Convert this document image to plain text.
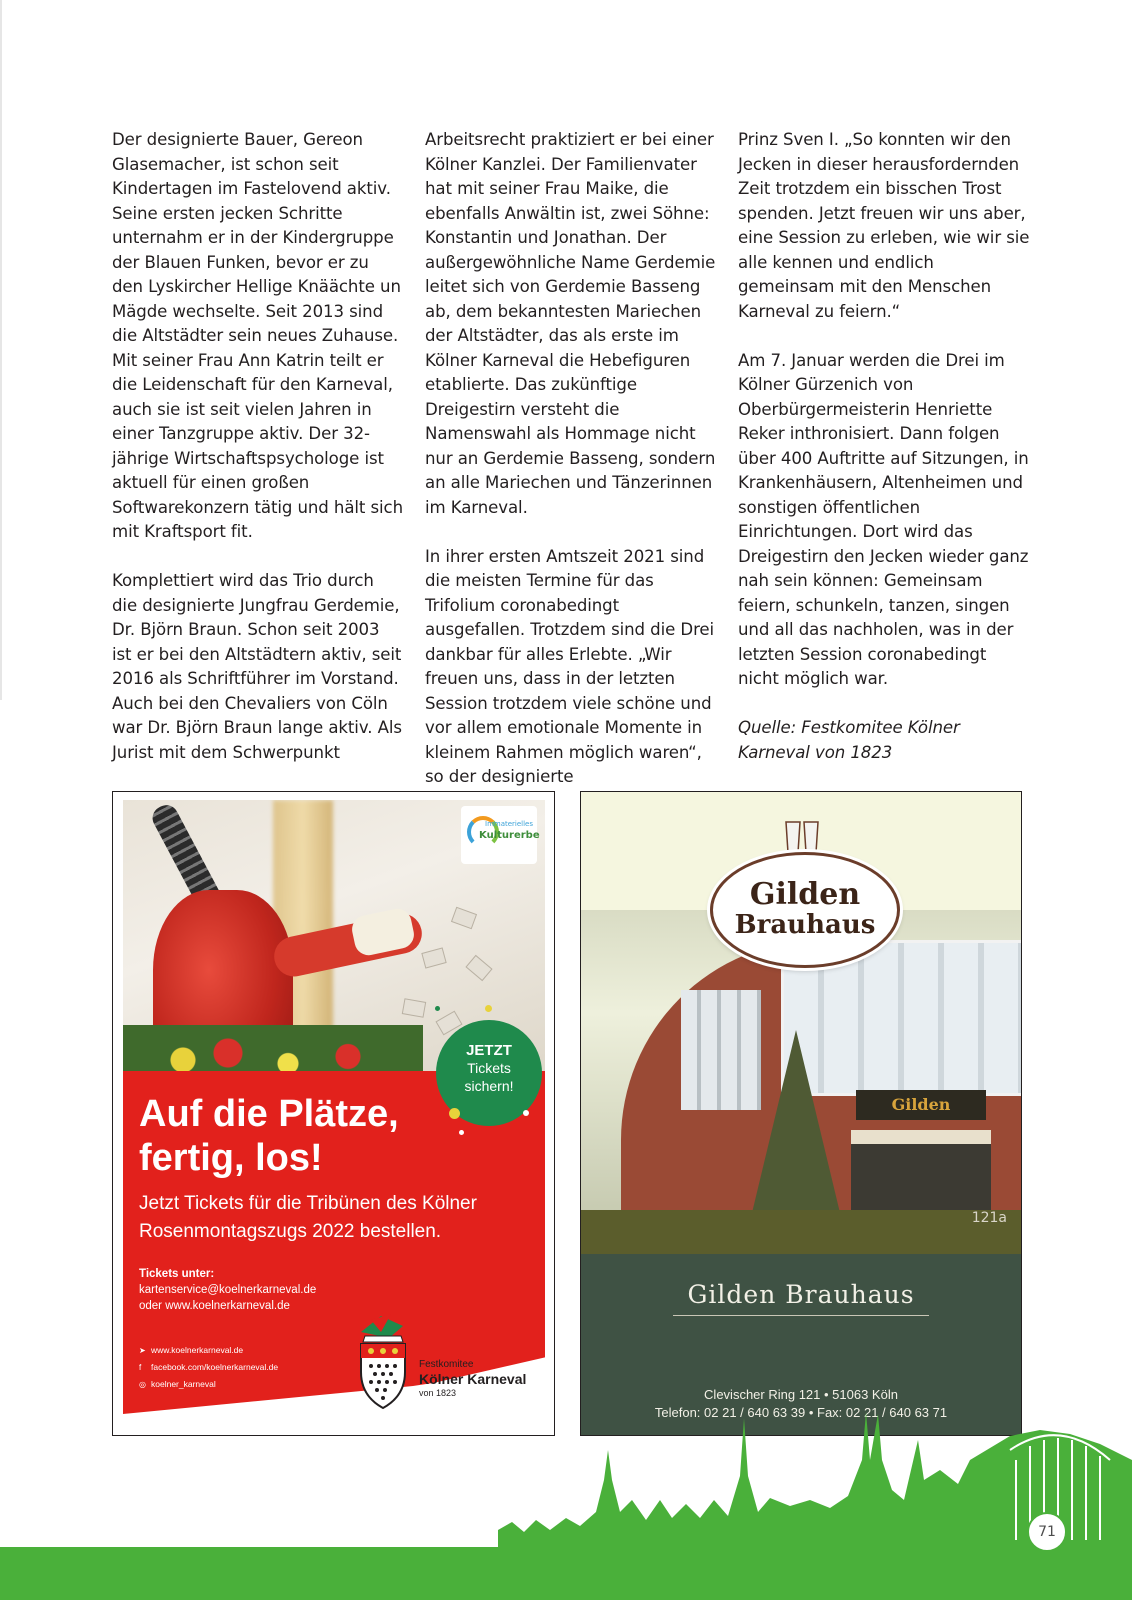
Der designierte Bauer, Gereon Glasemacher, ist schon seit Kindertagen im Fastelovend aktiv. Seine ersten jecken Schritte unternahm er in der Kindergruppe der Blauen Funken, bevor er zu den Lyskircher Hellige Knäächte un Mägde wechselte. Seit 2013 sind die Altstädter sein neues Zuhause. Mit seiner Frau Ann Katrin teilt er die Leidenschaft für den Karneval, auch sie ist seit vielen Jahren in einer Tanzgruppe aktiv. Der 32-jährige Wirtschaftspsychologe ist aktuell für einen großen Softwarekonzern tätig und hält sich mit Kraftsport fit.

Komplettiert wird das Trio durch die designierte Jungfrau Gerdemie, Dr. Björn Braun. Schon seit 2003 ist er bei den Altstädtern aktiv, seit 2016 als Schriftführer im Vorstand. Auch bei den Chevaliers von Cöln war Dr. Björn Braun lange aktiv. Als Jurist mit dem Schwerpunkt

Arbeitsrecht praktiziert er bei einer Kölner Kanzlei. Der Familienvater hat mit seiner Frau Maike, die ebenfalls Anwältin ist, zwei Söhne: Konstantin und Jonathan. Der außergewöhnliche Name Gerdemie leitet sich von Gerdemie Basseng ab, dem bekanntesten Mariechen der Altstädter, das als erste im Kölner Karneval die Hebefiguren etablierte. Das zukünftige Dreigestirn versteht die Namenswahl als Hommage nicht nur an Gerdemie Basseng, sondern an alle Mariechen und Tänzerinnen im Karneval.

In ihrer ersten Amtszeit 2021 sind die meisten Termine für das Trifolium coronabedingt ausgefallen. Trotzdem sind die Drei dankbar für alles Erlebte. „Wir freuen uns, dass in der letzten Session trotzdem viele schöne und vor allem emotionale Momente in kleinem Rahmen möglich waren“, so der designierte

Prinz Sven I. „So konnten wir den Jecken in dieser herausfordernden Zeit trotzdem ein bisschen Trost spenden. Jetzt freuen wir uns aber, eine Session zu erleben, wie wir sie alle kennen und endlich gemeinsam mit den Menschen Karneval zu feiern.“

Am 7. Januar werden die Drei im Kölner Gürzenich von Oberbürgermeisterin Henriette Reker inthronisiert. Dann folgen über 400 Auftritte auf Sitzungen, in Krankenhäusern, Altenheimen und sonstigen öffentlichen Einrichtungen. Dort wird das Dreigestirn den Jecken wieder ganz nah sein können: Gemeinsam feiern, schunkeln, tanzen, singen und all das nachholen, was in der letzten Session coronabedingt nicht möglich war.

Quelle: Festkomitee Kölner Karneval von 1823

Immaterielles
Kulturerbe
JETZT
Tickets
sichern!
Auf die Plätze,
fertig, los!
Jetzt Tickets für die Tribünen des Kölner
Rosenmontagszugs 2022 bestellen.
Tickets unter:
kartenservice@koelnerkarneval.de
oder www.koelnerkarneval.de
➤ www.koelnerkarneval.de
f facebook.com/koelnerkarneval.de
◎ koelner_karneval
Festkomitee
Kölner Karneval
von 1823
Gilden
121a
Gilden
Brauhaus
Gilden Brauhaus
Clevischer Ring 121 • 51063 Köln
Telefon: 02 21 / 640 63 39 • Fax: 02 21 / 640 63 71
71
